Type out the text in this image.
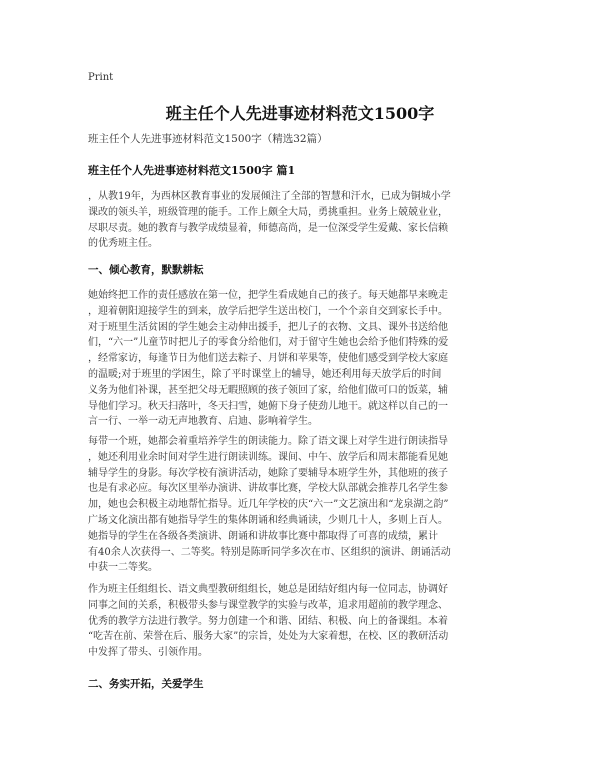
Print
班主任个人先进事迹材料范文1500字

班主任个人先进事迹材料范文1500字（精选32篇）

班主任个人先进事迹材料范文1500字 篇1

，从教19年，为西林区教育事业的发展倾注了全部的智慧和汗水，已成为铜城小学
课改的领头羊，班级管理的能手。工作上颇全大局，勇挑重担。业务上兢兢业业，
尽职尽责。她的教育与教学成绩显着，师德高尚，是一位深受学生爱戴、家长信赖
的优秀班主任。

一、倾心教育，默默耕耘

她始终把工作的责任感放在第一位，把学生看成她自己的孩子。每天她都早来晚走
，迎着朝阳迎接学生的到来，放学后把学生送出校门，一个个亲自交到家长手中。
对于班里生活贫困的学生她会主动伸出援手，把儿子的衣物、文具、课外书送给他
们，“六一”儿童节时把儿子的零食分给他们，对于留守生她也会给予他们特殊的爱
，经常家访，每逢节日为他们送去粽子、月饼和苹果等，使他们感受到学校大家庭
的温暖;对于班里的学困生，除了平时课堂上的辅导，她还利用每天放学后的时间
义务为他们补课，甚至把父母无暇照顾的孩子领回了家，给他们做可口的饭菜，辅
导他们学习。秋天扫落叶，冬天扫雪，她俯下身子使劲儿地干。就这样以自己的一
言一行、一举一动无声地教育、启迪、影响着学生。

每带一个班，她都会着重培养学生的朗读能力。除了语文课上对学生进行朗读指导
，她还利用业余时间对学生进行朗读训练。课间、中午、放学后和周末都能看见她
辅导学生的身影。每次学校有演讲活动，她除了要辅导本班学生外，其他班的孩子
也是有求必应。每次区里举办演讲、讲故事比赛，学校大队部就会推荐几名学生参
加，她也会积极主动地帮忙指导。近几年学校的庆“六一”文艺演出和“龙泉湖之韵”
广场文化演出都有她指导学生的集体朗诵和经典诵读，少则几十人，多则上百人。
她指导的学生在各级各类演讲、朗诵和讲故事比赛中都取得了可喜的成绩，累计
有40余人次获得一、二等奖。特别是陈昕同学多次在市、区组织的演讲、朗诵活动
中获一二等奖。

作为班主任组组长、语文典型教研组组长，她总是团结好组内每一位同志，协调好
同事之间的关系，积极带头参与课堂教学的实验与改革，追求用超前的教学理念、
优秀的教学方法进行教学。努力创建一个和谐、团结、积极、向上的备课组。本着
“吃苦在前、荣誉在后、服务大家”的宗旨，处处为大家着想，在校、区的教研活动
中发挥了带头、引领作用。

二、务实开拓，关爱学生
